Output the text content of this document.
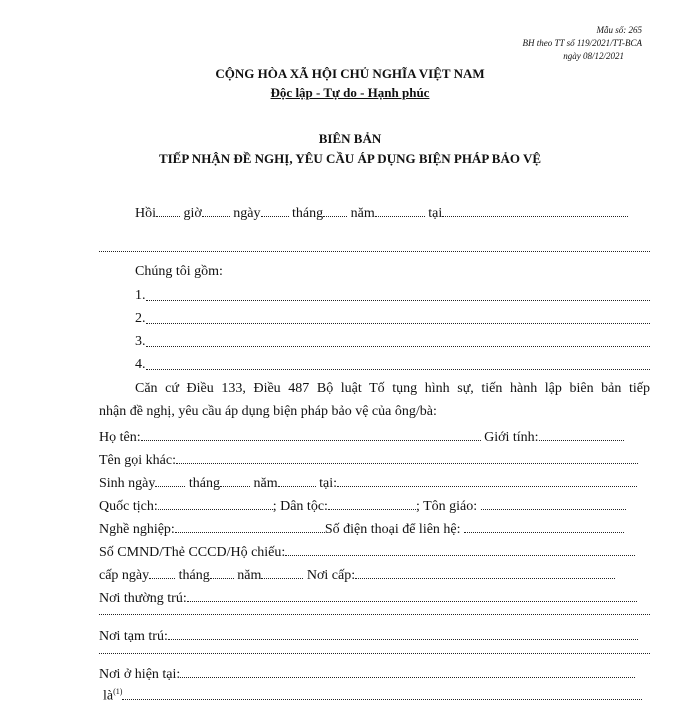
Mẫu số: 265
BH theo TT số 119/2021/TT-BCA
ngày 08/12/2021
CỘNG HÒA XÃ HỘI CHỦ NGHĨA VIỆT NAM
Độc lập - Tự do - Hạnh phúc
BIÊN BẢN
TIẾP NHẬN ĐỀ NGHỊ, YÊU CẦU ÁP DỤNG BIỆN PHÁP BẢO VỆ
Hồi giờ ngày tháng năm	tại
Chúng tôi gồm:
1.
2.
3.
4.
Căn cứ Điều 133, Điều 487 Bộ luật Tố tụng hình sự, tiến hành lập biên bản tiếp
nhận đề nghị, yêu cầu áp dụng biện pháp bảo vệ của ông/bà:
Họ tên:	Giới tính:
Tên gọi khác:
Sinh ngày tháng năm	tại:
Quốc tịch:	; Dân tộc:	; Tôn giáo:
Nghề nghiệp:	Số điện thoại để liên hệ:
Số CMND/Thẻ CCCD/Hộ chiếu:
cấp ngày tháng năm	Nơi cấp:
Nơi thường trú:
Nơi tạm trú:
Nơi ở hiện tại:
$là^{(1)}$
